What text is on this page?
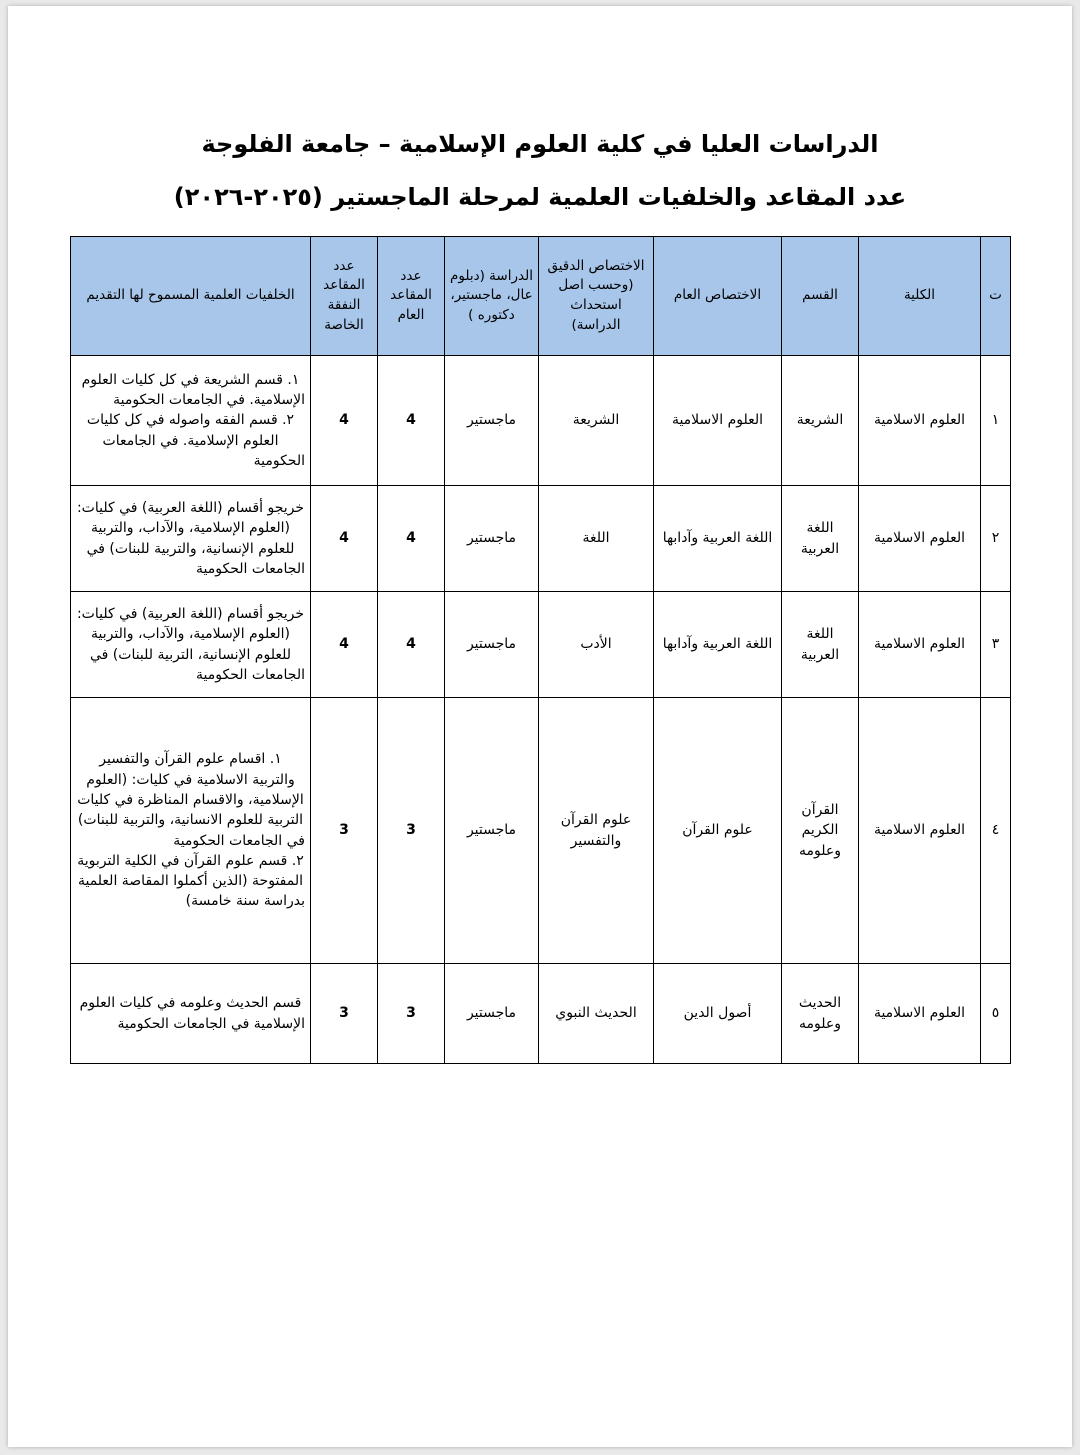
الدراسات العليا في كلية العلوم الإسلامية – جامعة الفلوجة
عدد المقاعد والخلفيات العلمية لمرحلة الماجستير (٢٠٢٥-٢٠٢٦)
ت	الكلية	القسم	الاختصاص العام	الاختصاص الدقيق (وحسب اصل استحداث الدراسة)	الدراسة (دبلوم عال، ماجستير، دكتوره )	عدد المقاعد العام	عدد المقاعد النفقة الخاصة	الخلفيات العلمية المسموح لها التقديم
١	العلوم الاسلامية	الشريعة	العلوم الاسلامية	الشريعة	ماجستير	4	4	١. قسم الشريعة في كل كليات العلوم الإسلامية. في الجامعات الحكومية
٢. قسم الفقه واصوله في كل كليات العلوم الإسلامية. في الجامعات الحكومية

٢	العلوم الاسلامية	اللغة العربية	اللغة العربية وآدابها	اللغة	ماجستير	4	4	خريجو أقسام (اللغة العربية) في كليات: (العلوم الإسلامية، والآداب، والتربية للعلوم الإنسانية، والتربية للبنات) في الجامعات الحكومية

٣	العلوم الاسلامية	اللغة العربية	اللغة العربية وآدابها	الأدب	ماجستير	4	4	خريجو أقسام (اللغة العربية) في كليات: (العلوم الإسلامية، والآداب، والتربية للعلوم الإنسانية، التربية للبنات) في الجامعات الحكومية

٤	العلوم الاسلامية	القرآن الكريم وعلومه	علوم القرآن	علوم القرآن والتفسير	ماجستير	3	3	١. اقسام علوم القرآن والتفسير والتربية الاسلامية في كليات: (العلوم الإسلامية، والاقسام المناظرة في كليات التربية للعلوم الانسانية، والتربية للبنات) في الجامعات الحكومية
٢. قسم علوم القرآن في الكلية التربوية المفتوحة (الذين أكملوا المقاصة العلمية بدراسة سنة خامسة)

٥	العلوم الاسلامية	الحديث وعلومه	أصول الدين	الحديث النبوي	ماجستير	3	3	قسم الحديث وعلومه في كليات العلوم الإسلامية في الجامعات الحكومية
